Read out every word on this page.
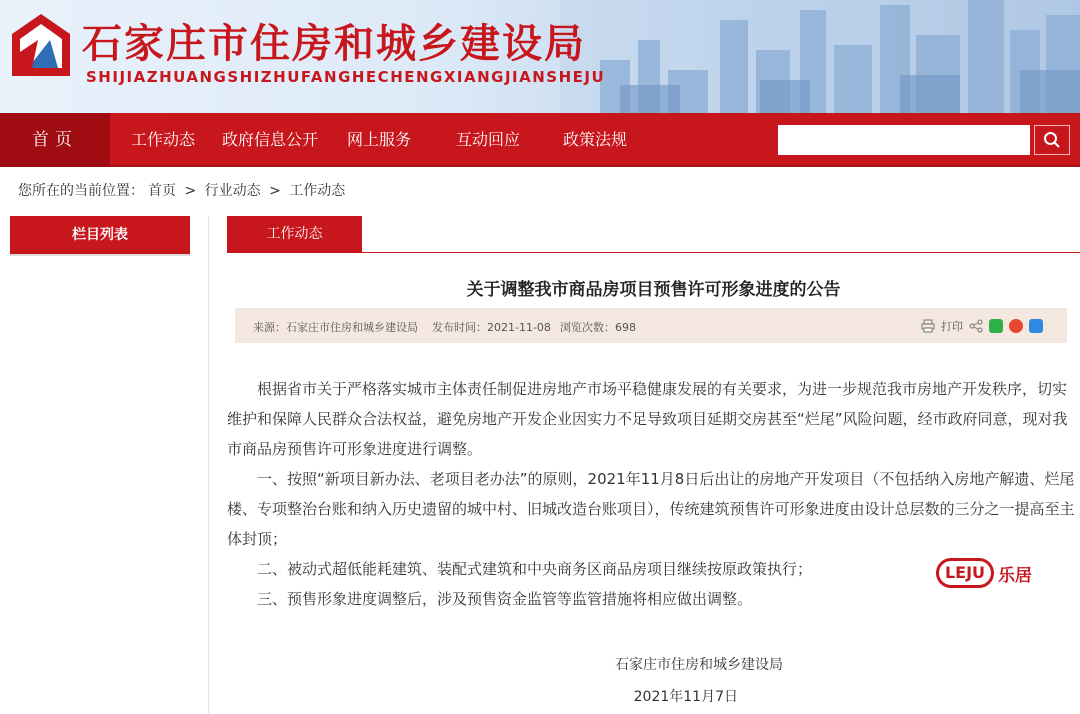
石家庄市住房和城乡建设局
SHIJIAZHUANGSHIZHUFANGHECHENGXIANGJIANSHEJU
首页	工作动态 政府信息公开 网上服务	互动回应	政策法规
您所在的当前位置： 首页 > 行业动态 > 工作动态
栏目列表	工作动态
关于调整我市商品房项目预售许可形象进度的公告
来源：石家庄市住房和城乡建设局 发布时间：2021-11-08 浏览次数：698	打印

根据省市关于严格落实城市主体责任制促进房地产市场平稳健康发展的有关要求，为进一步规范我市房地产开发秩序，切实维护和保障人民群众合法权益，避免房地产开发企业因实力不足导致项目延期交房甚至“烂尾”风险问题，经市政府同意，现对我市商品房预售许可形象进度进行调整。

一、按照“新项目新办法、老项目老办法”的原则，2021年11月8日后出让的房地产开发项目（不包括纳入房地产解遗、烂尾楼、专项整治台账和纳入历史遗留的城中村、旧城改造台账项目），传统建筑预售许可形象进度由设计总层数的三分之一提高至主体封顶；

二、被动式超低能耗建筑、装配式建筑和中央商务区商品房项目继续按原政策执行；

三、预售形象进度调整后，涉及预售资金监管等监管措施将相应做出调整。

LEJU 乐居
石家庄市住房和城乡建设局
2021年11月7日
